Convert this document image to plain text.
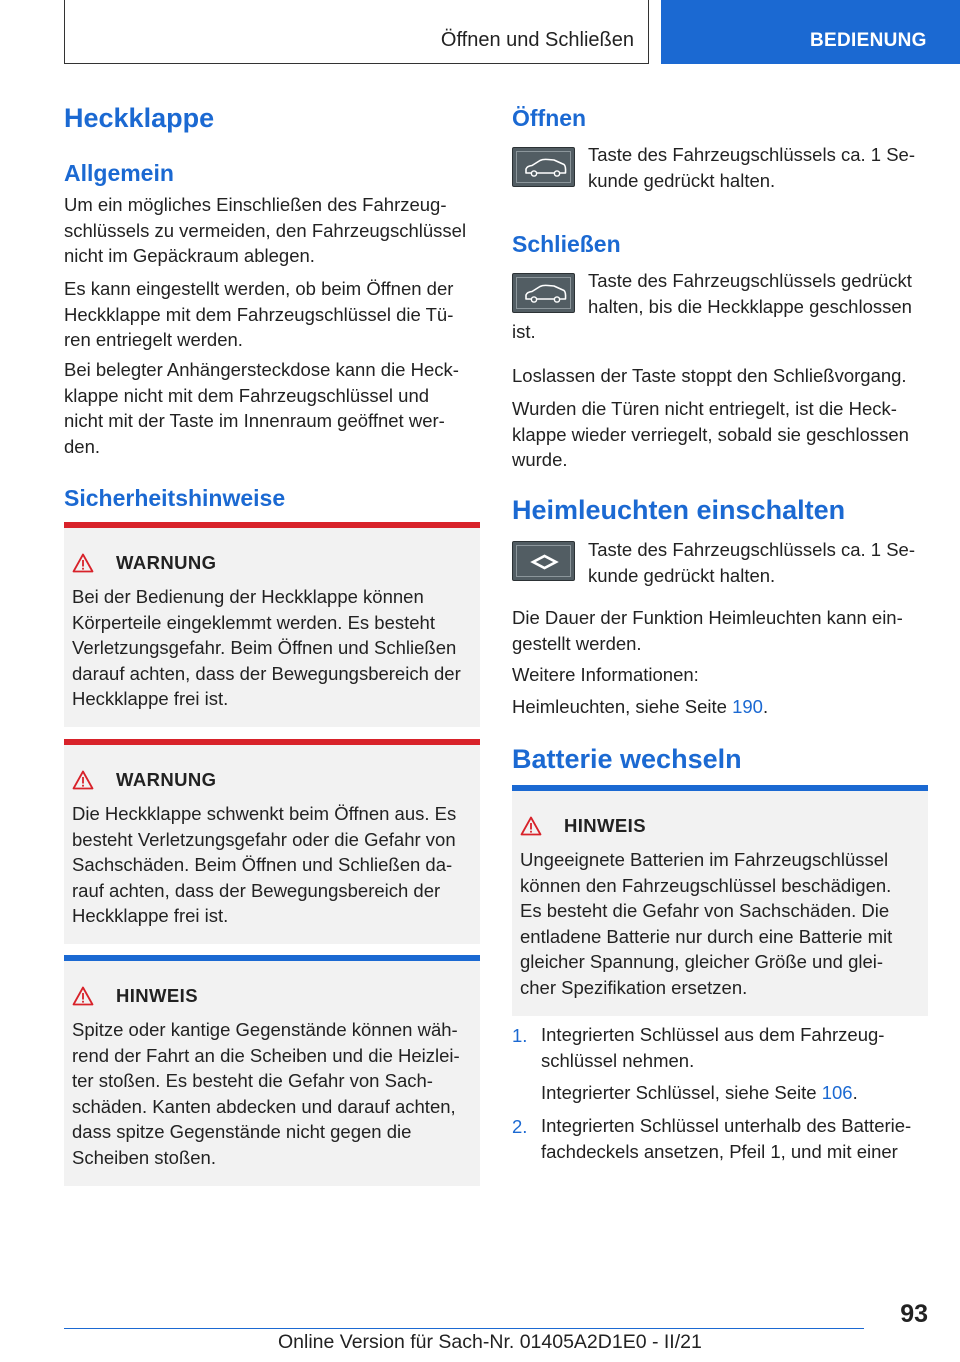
Öffnen und Schließen	BEDIENUNG
Heckklappe
Allgemein
Um ein mögliches Einschließen des Fahrzeug-
schlüssels zu vermeiden, den Fahrzeugschlüssel
nicht im Gepäckraum ablegen.
Es kann eingestellt werden, ob beim Öffnen der
Heckklappe mit dem Fahrzeugschlüssel die Tü-
ren entriegelt werden.
Bei belegter Anhängersteckdose kann die Heck-
klappe nicht mit dem Fahrzeugschlüssel und
nicht mit der Taste im Innenraum geöffnet wer-
den.
Sicherheitshinweise
WARNUNG
Bei der Bedienung der Heckklappe können
Körperteile eingeklemmt werden. Es besteht
Verletzungsgefahr. Beim Öffnen und Schließen
darauf achten, dass der Bewegungsbereich der
Heckklappe frei ist.
WARNUNG
Die Heckklappe schwenkt beim Öffnen aus. Es
besteht Verletzungsgefahr oder die Gefahr von
Sachschäden. Beim Öffnen und Schließen da-
rauf achten, dass der Bewegungsbereich der
Heckklappe frei ist.
HINWEIS
Spitze oder kantige Gegenstände können wäh-
rend der Fahrt an die Scheiben und die Heizlei-
ter stoßen. Es besteht die Gefahr von Sach-
schäden. Kanten abdecken und darauf achten,
dass spitze Gegenstände nicht gegen die
Scheiben stoßen.
Öffnen
Taste des Fahrzeugschlüssels ca. 1 Se-
kunde gedrückt halten.
Schließen
Taste des Fahrzeugschlüssels gedrückt
halten, bis die Heckklappe geschlossen
ist.
Loslassen der Taste stoppt den Schließvorgang.
Wurden die Türen nicht entriegelt, ist die Heck-
klappe wieder verriegelt, sobald sie geschlossen
wurde.
Heimleuchten einschalten
Taste des Fahrzeugschlüssels ca. 1 Se-
kunde gedrückt halten.
Die Dauer der Funktion Heimleuchten kann ein-
gestellt werden.
Weitere Informationen:
Heimleuchten, siehe Seite 190.
Batterie wechseln
HINWEIS
Ungeeignete Batterien im Fahrzeugschlüssel
können den Fahrzeugschlüssel beschädigen.
Es besteht die Gefahr von Sachschäden. Die
entladene Batterie nur durch eine Batterie mit
gleicher Spannung, gleicher Größe und glei-
cher Spezifikation ersetzen.
1. Integrierten Schlüssel aus dem Fahrzeug-
schlüssel nehmen.
Integrierter Schlüssel, siehe Seite 106.
2. Integrierten Schlüssel unterhalb des Batterie-
fachdeckels ansetzen, Pfeil 1, und mit einer
93
Online Version für Sach-Nr. 01405A2D1E0 - II/21
